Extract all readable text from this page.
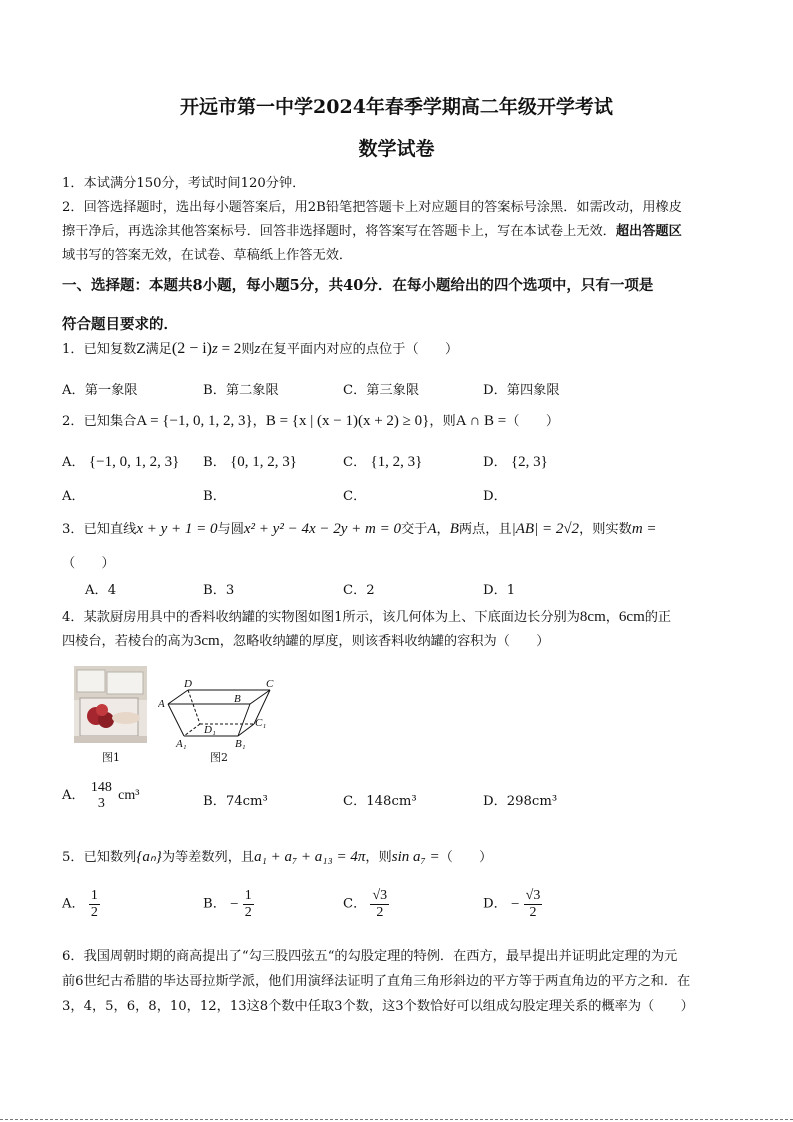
开远市第一中学2024年春季学期高二年级开学考试
数学试卷
1．本试满分150分，考试时间120分钟．
2．回答选择题时，选出每小题答案后，用2B铅笔把答题卡上对应题目的答案标号涂黑．如需改动，用橡皮
擦干净后，再选涂其他答案标号．回答非选择题时，将答案写在答题卡上，写在本试卷上无效．超出答题区
域书写的答案无效，在试卷、草稿纸上作答无效．
一、选择题：本题共8小题，每小题5分，共40分．在每小题给出的四个选项中，只有一项是
符合题目要求的．
1．已知复数Z满足(2 − i)z = 2则z在复平面内对应的点位于（　　）
A．第一象限	B．第二象限	C．第三象限	D．第四象限
2．已知集合A = {−1, 0, 1, 2, 3}，B = {x | (x − 1)(x + 2) ≥ 0}，则A ∩ B =（　　）
A． {−1, 0, 1, 2, 3} B． {0, 1, 2, 3}	C． {1, 2, 3}	D． {2, 3}
A．	B．	C．	D．
3．已知直线x + y + 1 = 0与圆x² + y² − 4x − 2y + m = 0交于A，B两点，且|AB| = 2√2，则实数m =
（　　）
A．4	B．3	C．2	D．1
4．某款厨房用具中的香料收纳罐的实物图如图1所示，该几何体为上、下底面边长分别为8cm，6cm的正
四棱台，若棱台的高为3cm，忽略收纳罐的厚度，则该香料收纳罐的容积为（　　）
图1
D	C
B
A
D₁
C₁
A₁	B₁
图2
A．
148
3
cm³	B．74cm³	C．148cm³	D．298cm³
5．已知数列{aₙ}为等差数列，且a₁ + a₇ + a₁₃ = 4π，则sin a₇ =（　　）
A． $\frac{1}{2}$	B． − $\frac{1}{2}$	C． $\frac{√3}{2}$	D． − $\frac{√3}{2}$
6．我国周朝时期的商高提出了“勾三股四弦五“的勾股定理的特例．在西方，最早提出并证明此定理的为元
前6世纪古希腊的毕达哥拉斯学派，他们用演绎法证明了直角三角形斜边的平方等于两直角边的平方之和．在
3，4，5，6，8，10，12，13这8个数中任取3个数，这3个数恰好可以组成勾股定理关系的概率为（　　）
